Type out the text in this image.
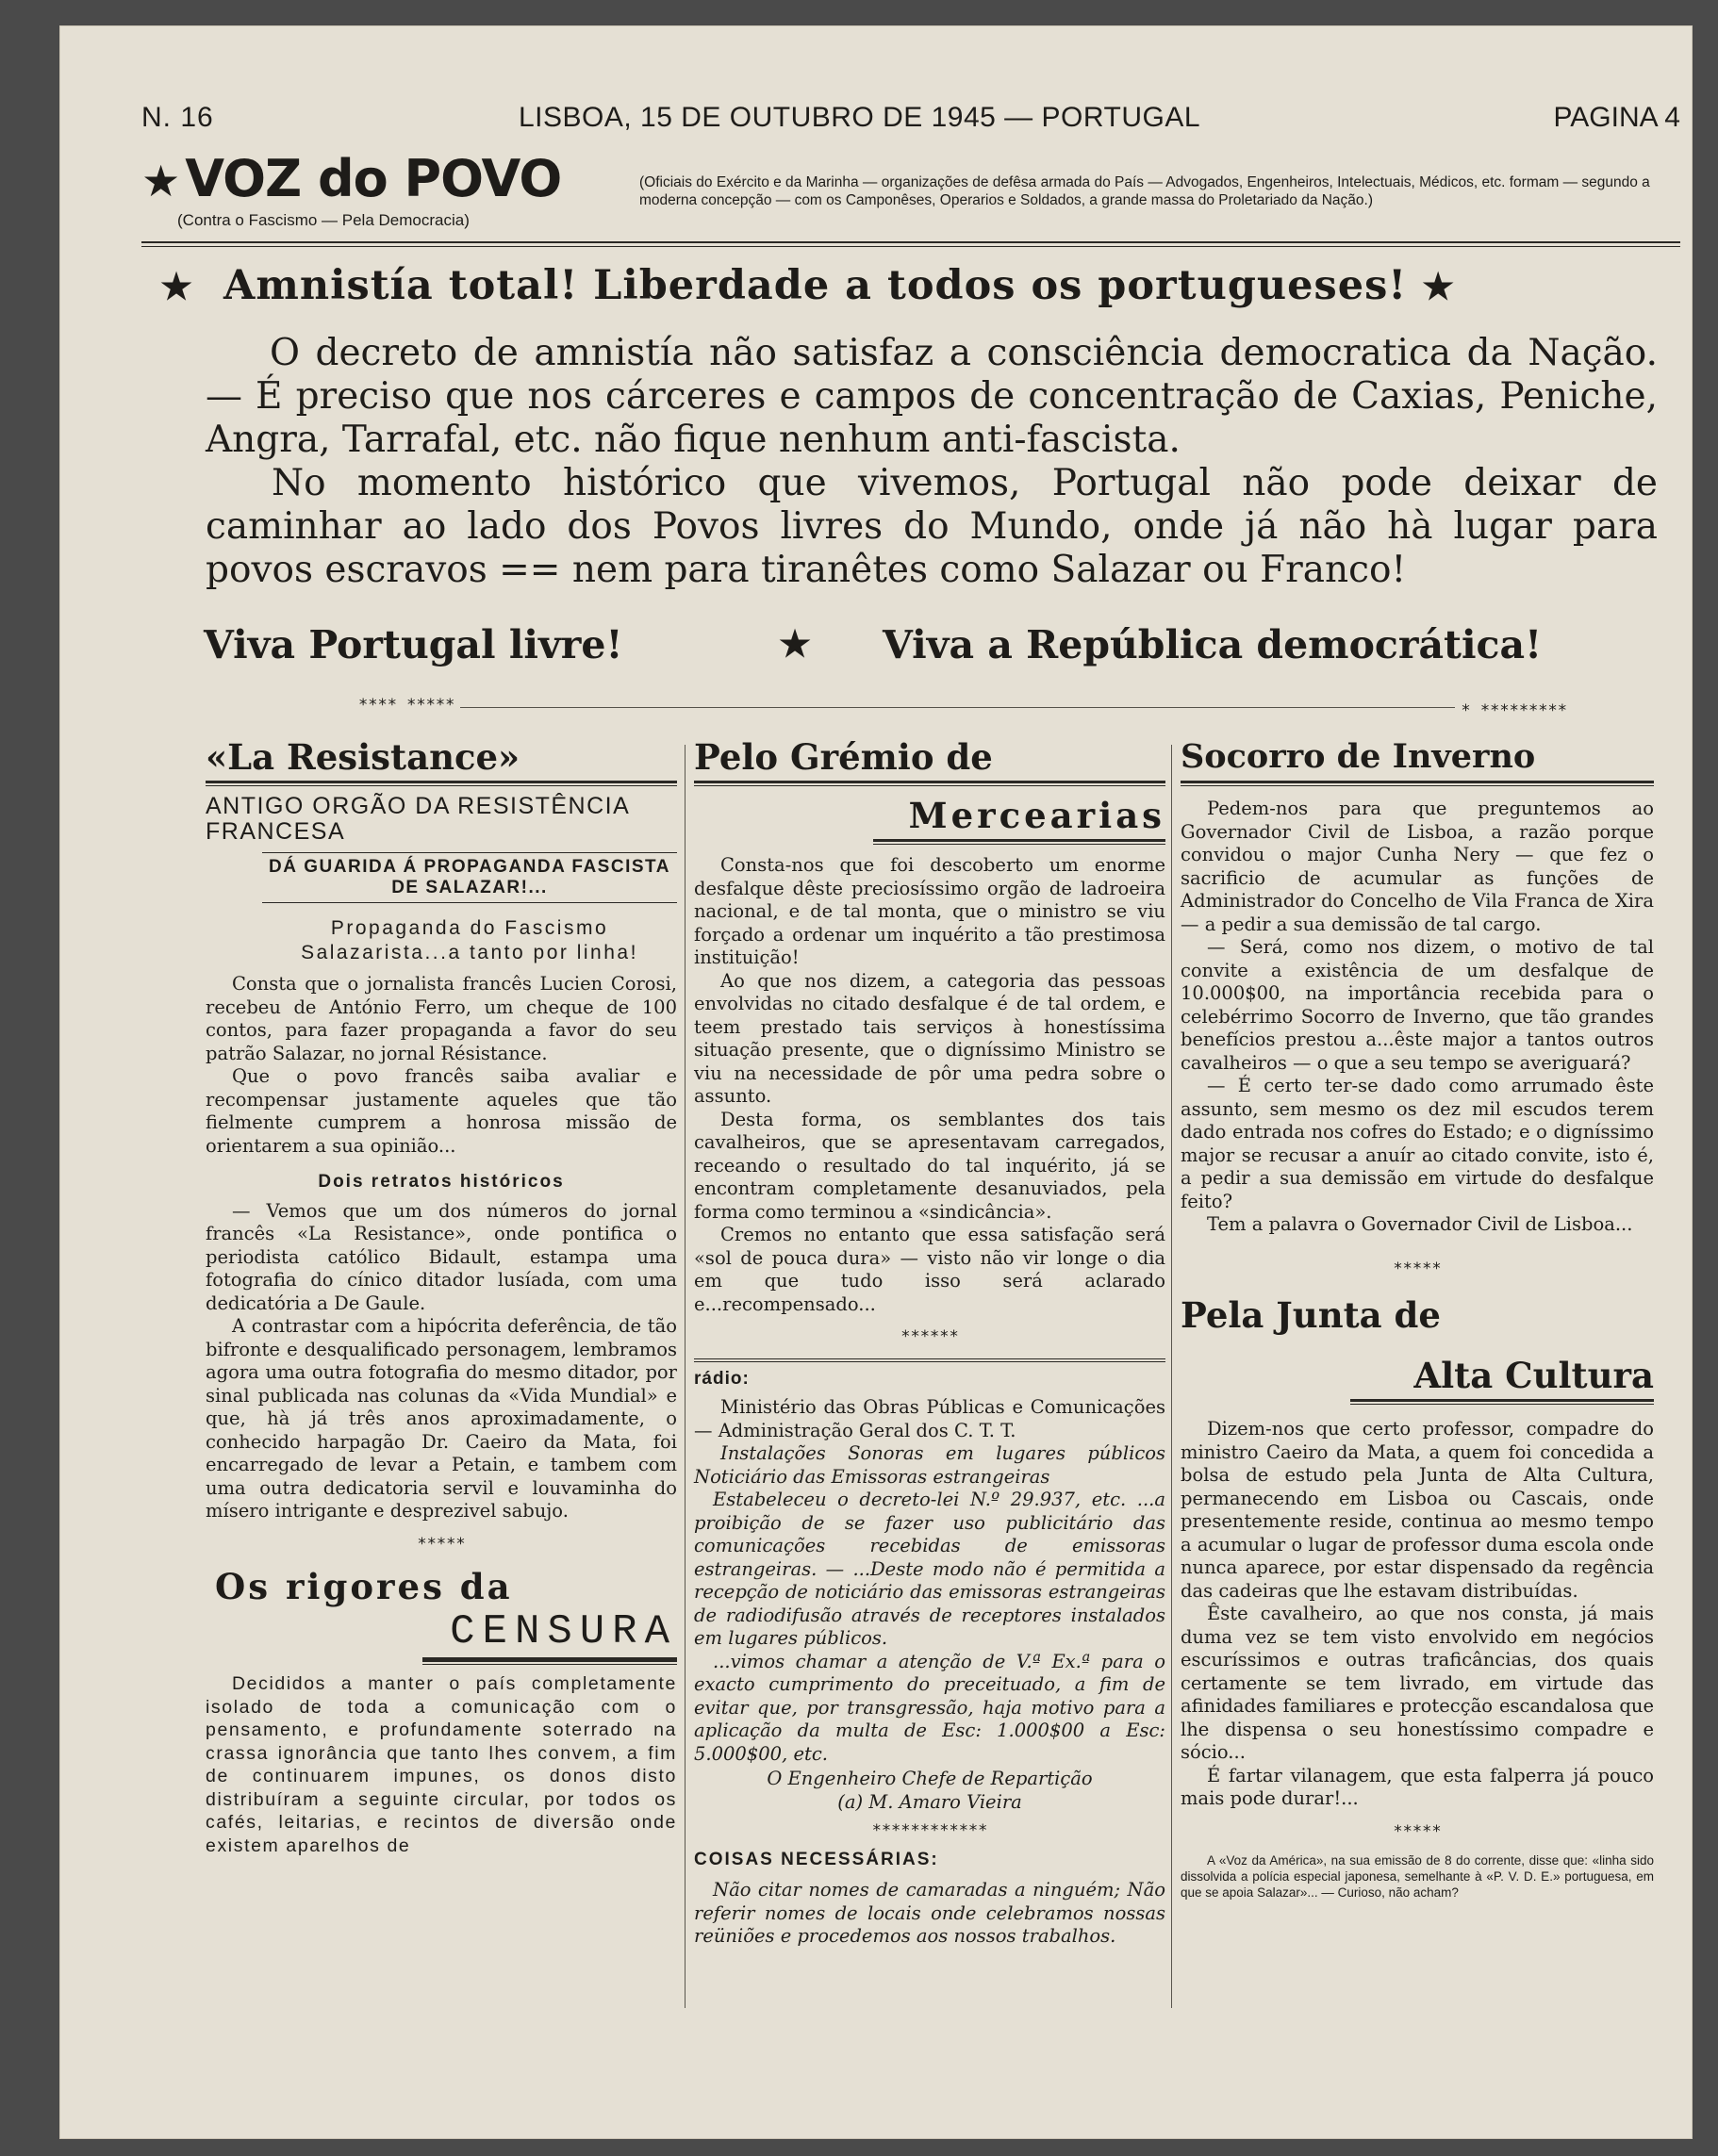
N. 16	LISBOA, 15 DE OUTUBRO DE 1945 — PORTUGAL	PAGINA 4
★ VOZ do POVO
(Contra o Fascismo — Pela Democracia)
(Oficiais do Exército e da Marinha — organizações de defêsa armada do País — Advogados, Engenheiros, Intelectuais, Médicos, etc. formam — segundo a moderna concepção — com os Camponêses, Operarios e Soldados, a grande massa do Proletariado da Nação.)
★ Amnistía total! Liberdade a todos os portugueses! ★

O decreto de amnistía não satisfaz a consciência democratica da Nação. — É preciso que nos cárceres e campos de concentração de Caxias, Peniche, Angra, Tarrafal, etc. não fique nenhum anti-fascista.

No momento histórico que vivemos, Portugal não pode deixar de caminhar ao lado dos Povos livres do Mundo, onde já não hà lugar para povos escravos == nem para tiranêtes como Salazar ou Franco!

Viva Portugal livre!	★ Viva a República democrática!
**** *****	* *********
«La Resistance»
ANTIGO ORGÃO DA RESISTÊNCIA FRANCESA
DÁ GUARIDA Á PROPAGANDA FASCISTA DE SALAZAR!...
Propaganda do Fascismo Salazarista...a tanto por linha!

Consta que o jornalista francês Lucien Corosi, recebeu de António Ferro, um cheque de 100 contos, para fazer propaganda a favor do seu patrão Salazar, no jornal Résistance.

Que o povo francês saiba avaliar e recompensar justamente aqueles que tão fielmente cumprem a honrosa missão de orientarem a sua opinião...

Dois retratos históricos

— Vemos que um dos números do jornal francês «La Resistance», onde pontifica o periodista católico Bidault, estampa uma fotografia do cínico ditador lusíada, com uma dedicatória a De Gaule.

A contrastar com a hipócrita deferência, de tão bifronte e desqualificado personagem, lembramos agora uma outra fotografia do mesmo ditador, por sinal publicada nas colunas da «Vida Mundial» e que, hà já três anos aproximadamente, o conhecido harpagão Dr. Caeiro da Mata, foi encarregado de levar a Petain, e tambem com uma outra dedicatoria servil e louvaminha do mísero intrigante e desprezivel sabujo.

*****
Os rigores da
CENSURA

Decididos a manter o país completamente isolado de toda a comunicação com o pensamento, e profundamente soterrado na crassa ignorância que tanto lhes convem, a fim de continuarem impunes, os donos disto distribuíram a seguinte circular, por todos os cafés, leitarias, e recintos de diversão onde existem aparelhos de

Pelo Grémio de
Mercearias

Consta-nos que foi descoberto um enorme desfalque dêste preciosíssimo orgão de ladroeira nacional, e de tal monta, que o ministro se viu forçado a ordenar um inquérito a tão prestimosa instituição!

Ao que nos dizem, a categoria das pessoas envolvidas no citado desfalque é de tal ordem, e teem prestado tais serviços à honestíssima situação presente, que o digníssimo Ministro se viu na necessidade de pôr uma pedra sobre o assunto.

Desta forma, os semblantes dos tais cavalheiros, que se apresentavam carregados, receando o resultado do tal inquérito, já se encontram completamente desanuviados, pela forma como terminou a «sindicância».

Cremos no entanto que essa satisfação será «sol de pouca dura» — visto não vir longe o dia em que tudo isso será aclarado e...recompensado...

******
rádio:

Ministério das Obras Públicas e Comunicações — Administração Geral dos C. T. T.

Instalações Sonoras em lugares públicos Noticiário das Emissoras estrangeiras

Estabeleceu o decreto-lei N.º 29.937, etc. ...a proibição de se fazer uso publicitário das comunicações recebidas de emissoras estrangeiras. — ...Deste modo não é permitida a recepção de noticiário das emissoras estrangeiras de radiodifusão através de receptores instalados em lugares públicos.

...vimos chamar a atenção de V.ª Ex.ª para o exacto cumprimento do preceituado, a fim de evitar que, por transgressão, haja motivo para a aplicação da multa de Esc: 1.000$00 a Esc: 5.000$00, etc.

O Engenheiro Chefe de Repartição
(a) M. Amaro Vieira
************
COISAS NECESSÁRIAS:

Não citar nomes de camaradas a ninguém; Não referir nomes de locais onde celebramos nossas reüniões e procedemos aos nossos trabalhos.

Socorro de Inverno

Pedem-nos para que preguntemos ao Governador Civil de Lisboa, a razão porque convidou o major Cunha Nery — que fez o sacrificio de acumular as funções de Administrador do Concelho de Vila Franca de Xira — a pedir a sua demissão de tal cargo.

— Será, como nos dizem, o motivo de tal convite a existência de um desfalque de 10.000$00, na importância recebida para o celebérrimo Socorro de Inverno, que tão grandes benefícios prestou a...êste major a tantos outros cavalheiros — o que a seu tempo se averiguará?

— É certo ter-se dado como arrumado êste assunto, sem mesmo os dez mil escudos terem dado entrada nos cofres do Estado; e o digníssimo major se recusar a anuír ao citado convite, isto é, a pedir a sua demissão em virtude do desfalque feito?

Tem a palavra o Governador Civil de Lisboa...

*****
Pela Junta de
Alta Cultura

Dizem-nos que certo professor, compadre do ministro Caeiro da Mata, a quem foi concedida a bolsa de estudo pela Junta de Alta Cultura, permanecendo em Lisboa ou Cascais, onde presentemente reside, continua ao mesmo tempo a acumular o lugar de professor duma escola onde nunca aparece, por estar dispensado da regência das cadeiras que lhe estavam distribuídas.

Êste cavalheiro, ao que nos consta, já mais duma vez se tem visto envolvido em negócios escuríssimos e outras traficâncias, dos quais certamente se tem livrado, em virtude das afinidades familiares e protecção escandalosa que lhe dispensa o seu honestíssimo compadre e sócio...

É fartar vilanagem, que esta falperra já pouco mais pode durar!...

*****

A «Voz da América», na sua emissão de 8 do corrente, disse que: «linha sido dissolvida a polícia especial japonesa, semelhante à «P. V. D. E.» portuguesa, em que se apoia Salazar»... — Curioso, não acham?
